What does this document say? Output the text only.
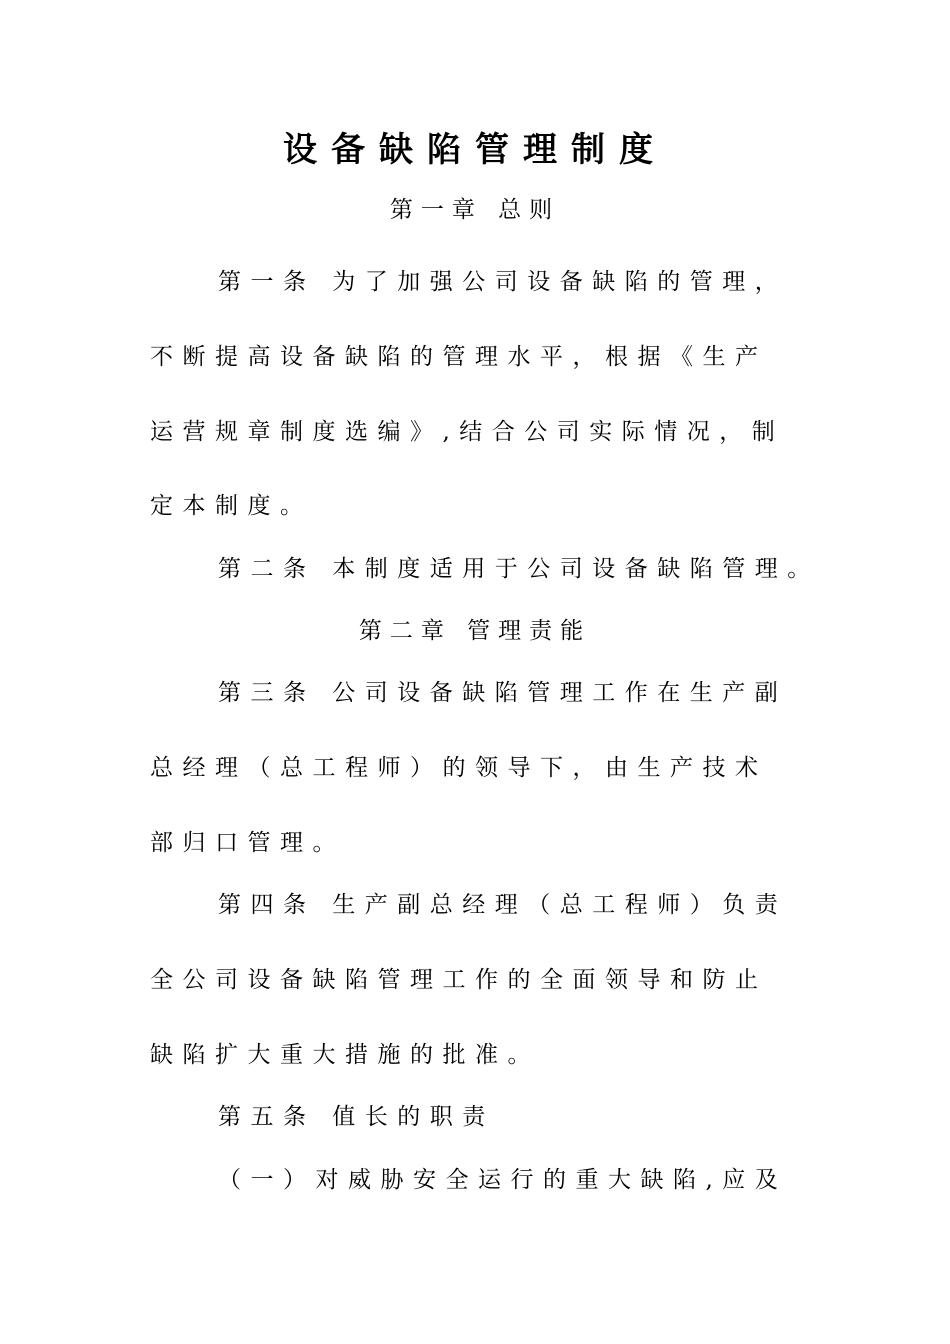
设备缺陷管理制度
第一章 总则
第一条 为了加强公司设备缺陷的管理，
不断提高设备缺陷的管理水平，根据《生产
运营规章制度选编》,结合公司实际情况，制
定本制度。
第二条 本制度适用于公司设备缺陷管理。
第二章 管理责能
第三条 公司设备缺陷管理工作在生产副
总经理（总工程师）的领导下，由生产技术
部归口管理。
第四条 生产副总经理（总工程师）负责
全公司设备缺陷管理工作的全面领导和防止
缺陷扩大重大措施的批准。
第五条 值长的职责
（一）对威胁安全运行的重大缺陷,应及
